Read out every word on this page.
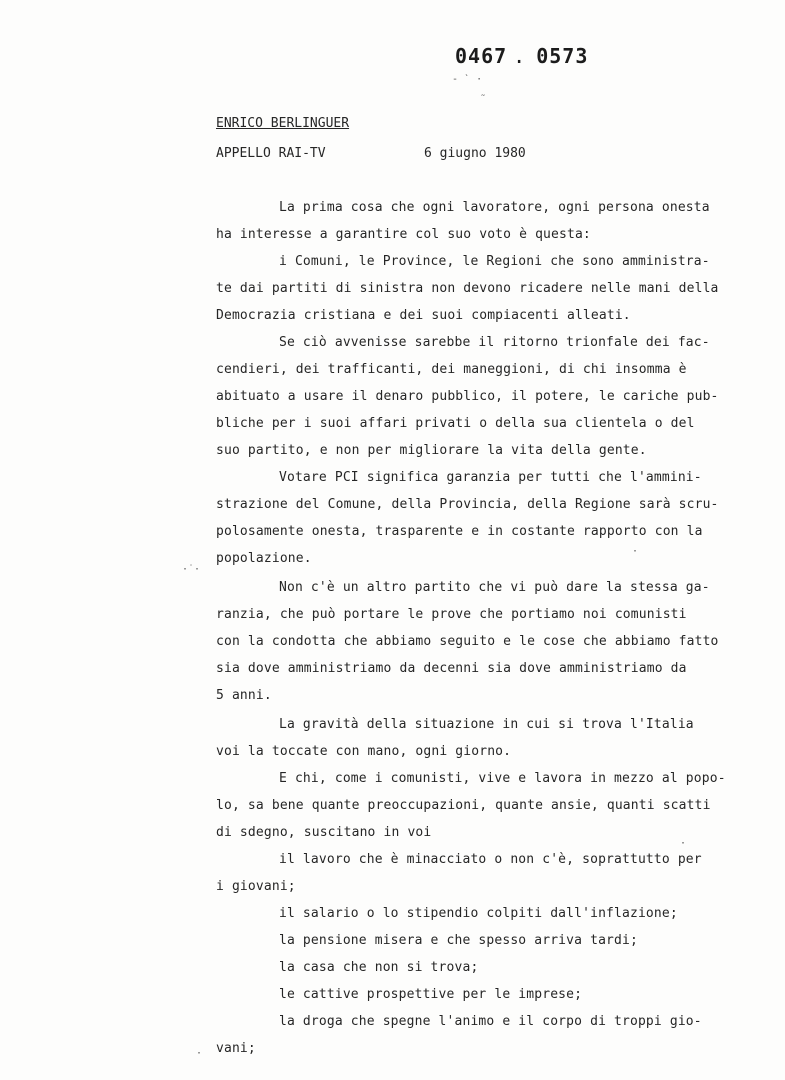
0467 . 0573
‐ ˋ ·
˜
ENRICO BERLINGUER
APPELLO RAI-TV	6 giugno 1980
La prima cosa che ogni lavoratore, ogni persona onesta
ha interesse a garantire col suo voto è questa:
i Comuni, le Province, le Regioni che sono amministra-
te dai partiti di sinistra non devono ricadere nelle mani della
Democrazia cristiana e dei suoi compiacenti alleati.
Se ciò avvenisse sarebbe il ritorno trionfale dei fac-
cendieri, dei trafficanti, dei maneggioni, di chi insomma è
abituato a usare il denaro pubblico, il potere, le cariche pub-
bliche per i suoi affari privati o della sua clientela o del
suo partito, e non per migliorare la vita della gente.
Votare PCI significa garanzia per tutti che l'ammini-
strazione del Comune, della Provincia, della Regione sarà scru-
polosamente onesta, trasparente e in costante rapporto con la
popolazione.
·˙·
·
Non c'è un altro partito che vi può dare la stessa ga-
ranzia, che può portare le prove che portiamo noi comunisti
con la condotta che abbiamo seguito e le cose che abbiamo fatto
sia dove amministriamo da decenni sia dove amministriamo da
5 anni.
La gravità della situazione in cui si trova l'Italia
voi la toccate con mano, ogni giorno.
E chi, come i comunisti, vive e lavora in mezzo al popo-
lo, sa bene quante preoccupazioni, quante ansie, quanti scatti
di sdegno, suscitano in voi
·
il lavoro che è minacciato o non c'è, soprattutto per
i giovani;
il salario o lo stipendio colpiti dall'inflazione;
la pensione misera e che spesso arriva tardi;
la casa che non si trova;
le cattive prospettive per le imprese;
la droga che spegne l'animo e il corpo di troppi gio-
vani;
·
